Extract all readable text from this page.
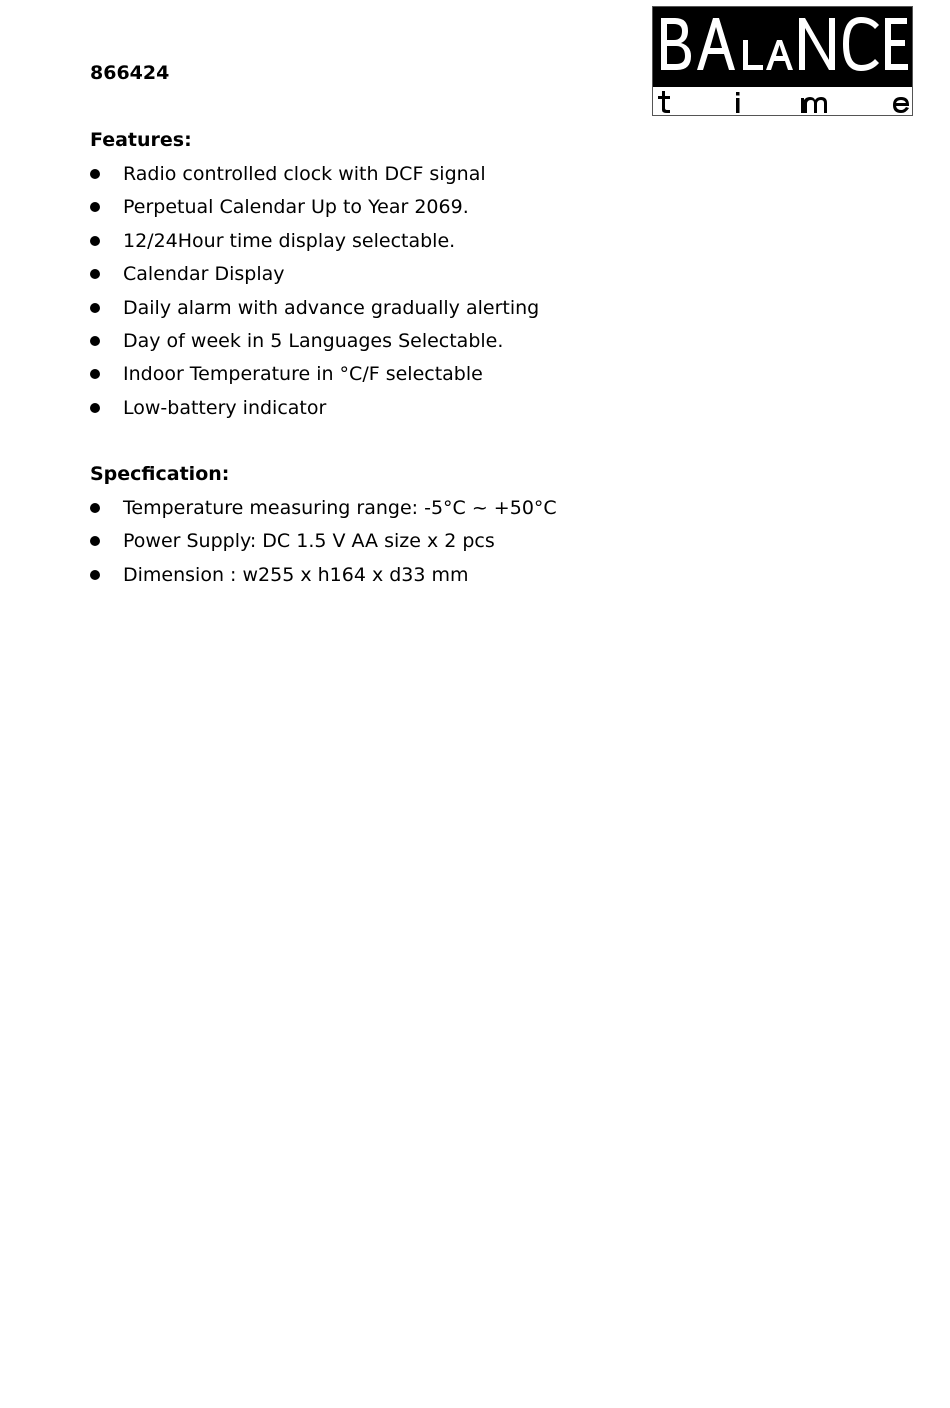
866424
Features:
Radio controlled clock with DCF signal
Perpetual Calendar Up to Year 2069.
12/24Hour time display selectable.
Calendar Display
Daily alarm with advance gradually alerting
Day of week in 5 Languages Selectable.
Indoor Temperature in °C/F selectable
Low-battery indicator
Specfication:
Temperature measuring range: -5°C ~ +50°C
Power Supply: DC 1.5 V AA size x 2 pcs
Dimension : w255 x h164 x d33 mm
